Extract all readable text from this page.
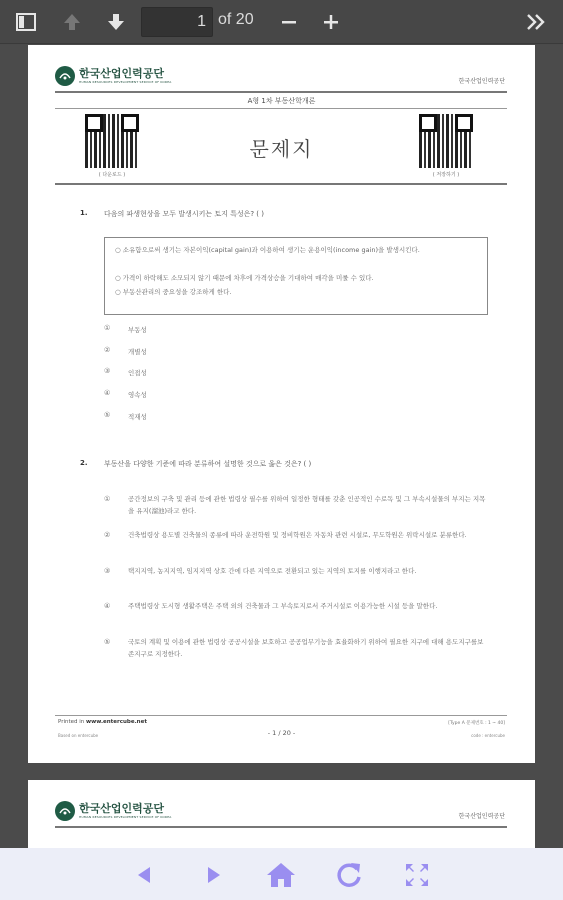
1 of 20
한국산업인력공단
HUMAN RESOURCES DEVELOPMENT SERVICE OF KOREA	한국산업인력공단
A형 1차 부동산학개론
( 다운로드 )
문제지
( 저장하기 )
1. 다음의 파생현상을 모두 발생시키는 토지 특성은? ( )
○ 소유함으로써 생기는 자본이익(capital gain)과 이용하여 생기는 운용이익(income gain)을 발생시킨다.
○ 가격이 하락해도 소모되지 않기 때문에 차후에 가격상승을 기대하여 매각을 미룰 수 있다.
○ 부동산관리의 중요성을 강조하게 한다.
①	부동성
②	개별성
③	인접성
④	영속성
⑤	적재성
2. 부동산을 다양한 기준에 따라 분류하여 설명한 것으로 옳은 것은? ( )
①	공간정보의 구축 및 관리 등에 관한 법령상 필수를 위하여 일정한 형태를 갖춘 인공적인 수로독 및 그 부속시설물의 부지는 지목을 유지(溜池)라고 한다.
②	건축법령상 용도별 건축물의 종류에 따라 운전학원 및 정비학원은 자동차 관련 시설로, 무도학원은 위락시설로 분류한다.
③	택지지역, 농지지역, 임지지역 상호 간에 다른 지역으로 전환되고 있는 지역의 토지를 이행지라고 한다.
④	주택법령상 도시형 생활주택은 주택 외의 건축물과 그 부속토지로서 주거시설로 이용가능한 시설 등을 말한다.
⑤	국토의 계획 및 이용에 관한 법령상 공공시설을 보호하고 공공업무기능을 효율화하기 위하여 필요한 지구에 대해 용도지구를보존지구로 지정한다.
Printed in www.entercube.net
Based on entercube	- 1 / 20 -
[Type A 문제번호 : 1 ~ 40]
code : entercube
한국산업인력공단
HUMAN RESOURCES DEVELOPMENT SERVICE OF KOREA	한국산업인력공단
